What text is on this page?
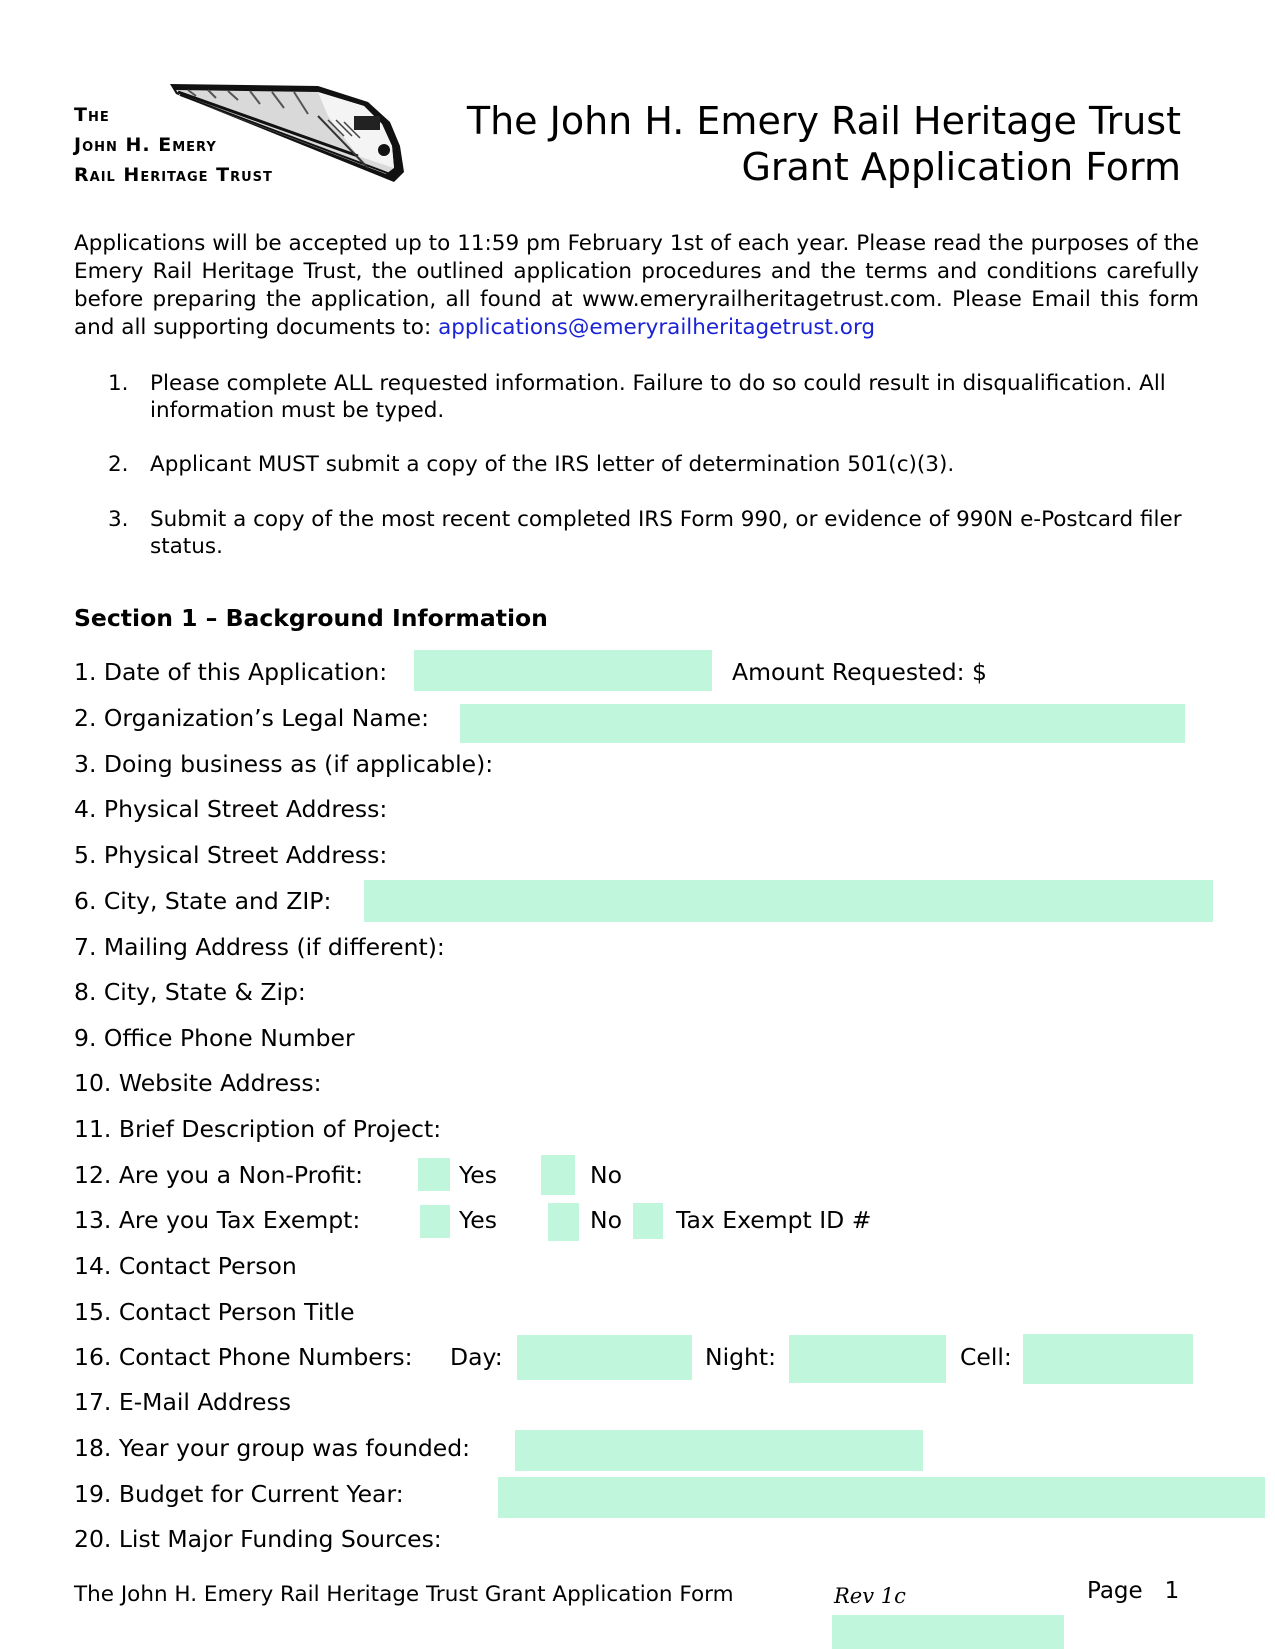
The
John H. Emery
Rail Heritage Trust
The John H. Emery Rail Heritage Trust
Grant Application Form
Applications will be accepted up to 11:59 pm February 1st of each year. Please read the purposes of the Emery Rail Heritage Trust, the outlined application procedures and the terms and conditions carefully before preparing the application, all found at www.emeryrailheritagetrust.com. Please Email this form and all supporting documents to: applications@emeryrailheritagetrust.org
1. Please complete ALL requested information. Failure to do so could result in disqualification. All information must be typed.
2. Applicant MUST submit a copy of the IRS letter of determination 501(c)(3).
3. Submit a copy of the most recent completed IRS Form 990, or evidence of 990N e-Postcard filer status.
Section 1 – Background Information
1. Date of this Application:	Amount Requested: $
2. Organization’s Legal Name:
3. Doing business as (if applicable):
4. Physical Street Address:
5. Physical Street Address:
6. City, State and ZIP:
7. Mailing Address (if different):
8. City, State & Zip:
9. Office Phone Number
10. Website Address:
11. Brief Description of Project:
12. Are you a Non-Profit:	Yes	No
13. Are you Tax Exempt:	Yes	No Tax Exempt ID #
14. Contact Person
15. Contact Person Title
16. Contact Phone Numbers: Day:	Night:	Cell:
17. E-Mail Address
18. Year your group was founded:
19. Budget for Current Year:
20. List Major Funding Sources:
The John H. Emery Rail Heritage Trust Grant Application Form	Rev 1c	Page 1
